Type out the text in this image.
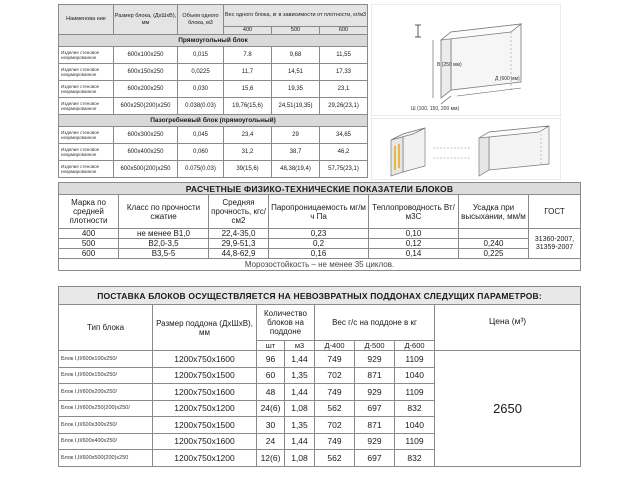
Наименова ние	Размер блока, (ДхШхВ), мм	Объем одного блока, м3	Вес одного блока, кг в зависимости от плотности, кг/м3		
			400	500	600
Прямоугольный блок					
Изделие стеновое неармированное	600х100х250	0,015	7.8	9,68	11,55
Изделие стеновое неармированное	600х150х250	0,0225	11,7	14,51	17,33
Изделие стеновое неармированное	600х200х250	0,030	15,6	19,35	23,1
Изделие стеновое неармированное	600х250(200)х250	0.038(0.03)	19,76(15,6)	24,51(19,35)	29,26(23,1)
Пазогребневый блок (прямоугольный)					
Изделие стеновое неармированное	600х300х250	0,045	23,4	29	34,65
Изделие стеновое неармированное	600х400х250	0,060	31,2	38,7	46,2
Изделие стеновое неармированное	600х500(200)х250	0.075(0.03)	39(15,6)	48,38(19,4)	57,75(23,1)
В (250 мм)
Ш (100, 150, 200 мм)
Д (600 мм)
РАСЧЕТНЫЕ ФИЗИКО-ТЕХНИЧЕСКИЕ ПОКАЗАТЕЛИ БЛОКОВ						
Марка по средней плотности	Класс по прочности сжатие	Средняя прочность, кгс/см2	Паропроницаемость мг/м ч Па	Теплопроводность Вт/м3С	Усадка при высыхании, мм/м	ГОСТ
400	не менее В1,0	22,4-35,0	0,23	0,10		31360-2007, 31359-2007
500	В2,0-3,5	29,9-51,3	0,2	0,12	0,240	
600	В3,5-5	44,8-62,9	0,16	0,14	0,225	
Морозостойкость – не менее 35 циклов.						
ПОСТАВКА БЛОКОВ ОСУЩЕСТВЛЯЕТСЯ НА НЕВОЗВРАТНЫХ ПОДДОНАХ СЛЕДУЩИХ ПАРАМЕТРОВ:							
Тип блока	Размер поддона (ДхШхВ), мм	Количество блоков на поддоне		Вес г/с на поддоне в кг			Цена (м³)
		шт	м3	Д-400	Д-500	Д-600	
Блок I,II/600х100х250/	1200х750х1600	96	1,44	749	929	1109	2650
Блок I,II/600х150х250/	1200х750х1500	60	1,35	702	871	1040	
Блок I,II/600х200х250/	1200х750х1600	48	1,44	749	929	1109	
Блок I,II/600х250(200)х250/	1200х750х1200	24(6)	1,08	562	697	832	
Блок I,II/600х300х250/	1200х750х1500	30	1,35	702	871	1040	
Блок I,II/600х400х250/	1200х750х1600	24	1,44	749	929	1109	
Блок I,II/600х500(200)х250	1200х750х1200	12(6)	1,08	562	697	832	
